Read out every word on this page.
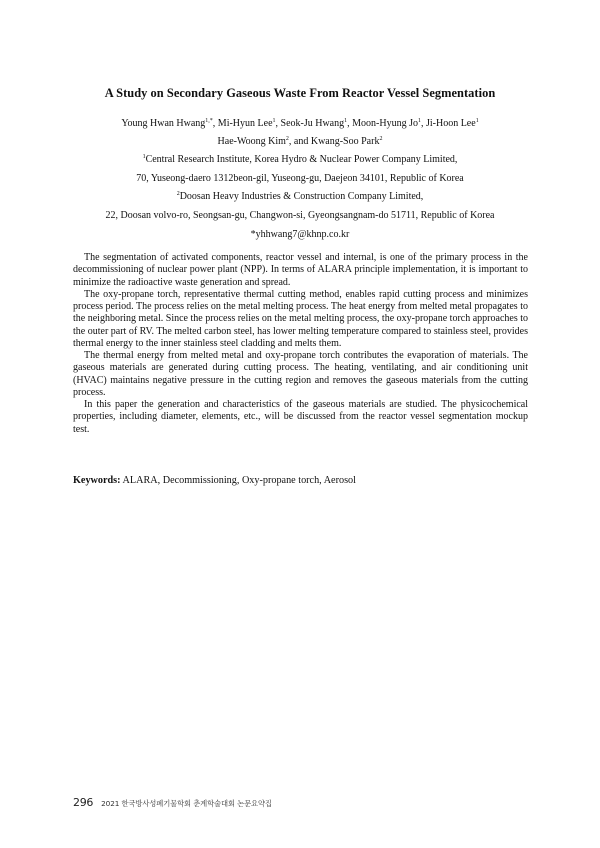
A Study on Secondary Gaseous Waste From Reactor Vessel Segmentation
Young Hwan Hwang$^{1,*}$, Mi-Hyun Lee$^1$, Seok-Ju Hwang$^1$, Moon-Hyung Jo$^1$, Ji-Hoon Lee$^1$
Hae-Woong Kim$^2$, and Kwang-Soo Park$^2$
$^1$Central Research Institute, Korea Hydro & Nuclear Power Company Limited,
70, Yuseong-daero 1312beon-gil, Yuseong-gu, Daejeon 34101, Republic of Korea
$^2$Doosan Heavy Industries & Construction Company Limited,
22, Doosan volvo-ro, Seongsan-gu, Changwon-si, Gyeongsangnam-do 51711, Republic of Korea
*yhhwang7@khnp.co.kr

The segmentation of activated components, reactor vessel and internal, is one of the primary process in the decommissioning of nuclear power plant (NPP). In terms of ALARA principle implementation, it is important to minimize the radioactive waste generation and spread.

The oxy-propane torch, representative thermal cutting method, enables rapid cutting process and minimizes process period. The process relies on the metal melting process. The heat energy from melted metal propagates to the neighboring metal. Since the process relies on the metal melting process, the oxy-propane torch approaches to the outer part of RV. The melted carbon steel, has lower melting temperature compared to stainless steel, provides thermal energy to the inner stainless steel cladding and melts them.

The thermal energy from melted metal and oxy-propane torch contributes the evaporation of materials. The gaseous materials are generated during cutting process. The heating, ventilating, and air conditioning unit (HVAC) maintains negative pressure in the cutting region and removes the gaseous materials from the cutting process.

In this paper the generation and characteristics of the gaseous materials are studied. The physicochemical properties, including diameter, elements, etc., will be discussed from the reactor vessel segmentation mockup test.

Keywords: ALARA, Decommissioning, Oxy-propane torch, Aerosol
296 2021 한국방사성폐기물학회 춘계학술대회 논문요약집
